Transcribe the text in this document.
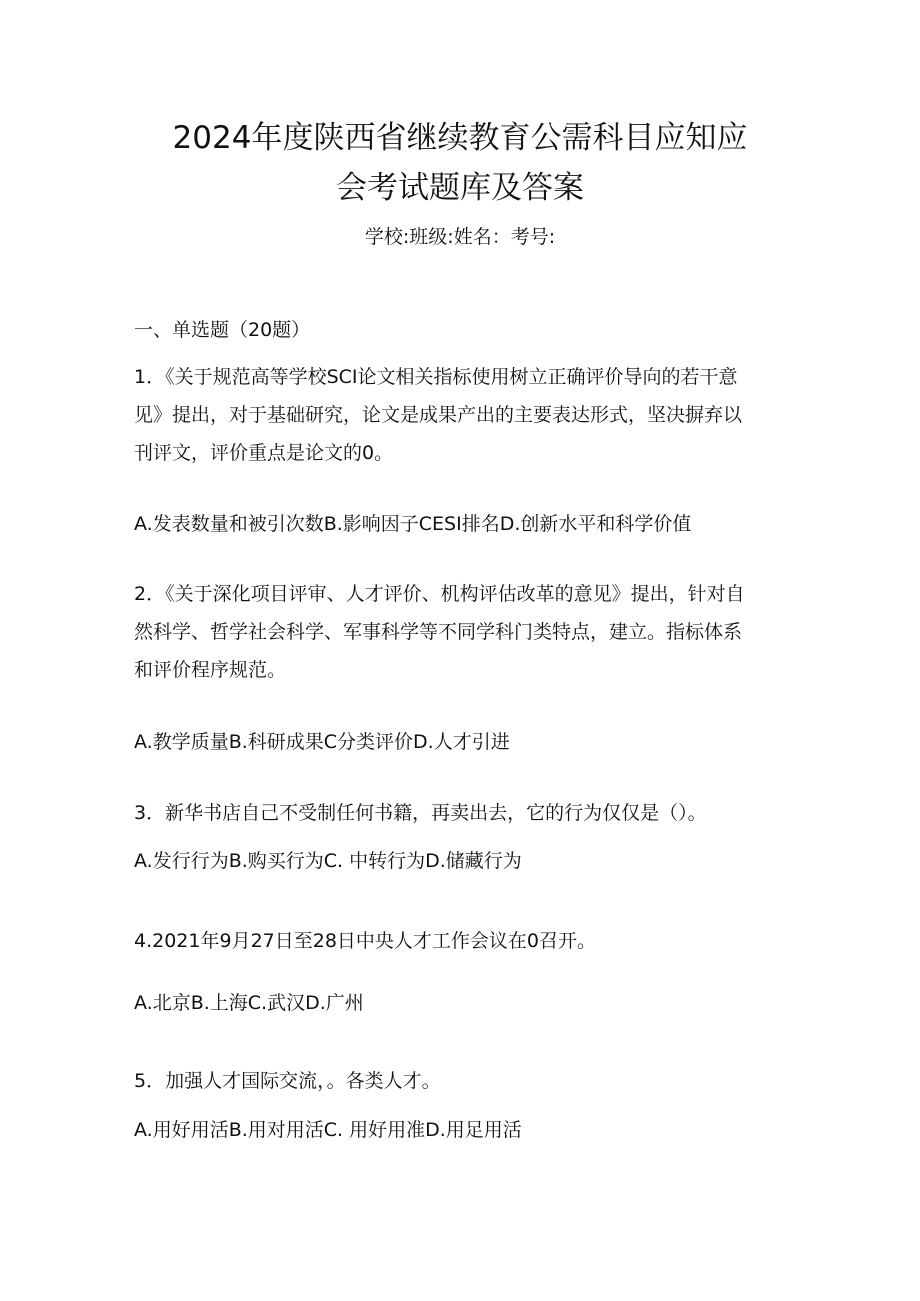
2024年度陕西省继续教育公需科目应知应
会考试题库及答案
学校:班级:姓名：考号:
一、单选题（20题）
1．《关于规范高等学校SCI论文相关指标使用树立正确评价导向的若干意
见》提出，对于基础研究，论文是成果产出的主要表达形式，坚决摒弃以
刊评文，评价重点是论文的0。
A.发表数量和被引次数B.影响因子CESI排名D.创新水平和科学价值
2．《关于深化项目评审、人才评价、机构评估改革的意见》提出，针对自
然科学、哲学社会科学、军事科学等不同学科门类特点，建立。指标体系
和评价程序规范。
A.教学质量B.科研成果C分类评价D.人才引进
3．新华书店自己不受制任何书籍，再卖出去，它的行为仅仅是（）。
A.发行行为B.购买行为C. 中转行为D.储藏行为
4.2021年9月27日至28日中央人才工作会议在0召开。
A.北京B.上海C.武汉D.广州
5．加强人才国际交流，。各类人才。
A.用好用活B.用对用活C. 用好用准D.用足用活
